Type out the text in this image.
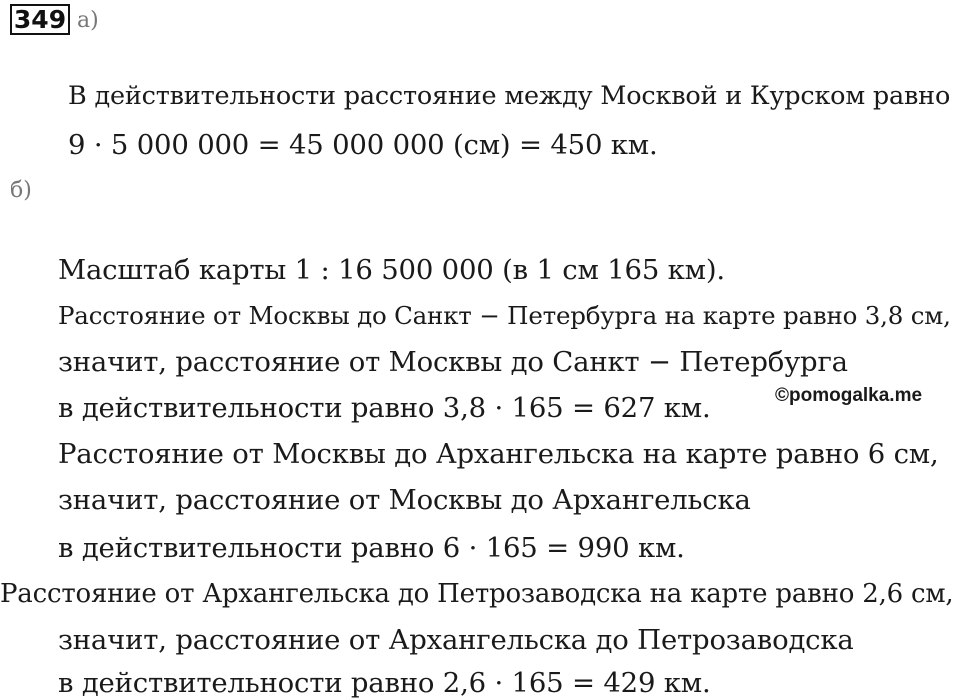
349 а)
В действительности расстояние между Москвой и Курском равно
9 · 5 000 000 = 45 000 000 (см) = 450 км.
б)
Масштаб карты 1 : 16 500 000 (в 1 см 165 км).
Расстояние от Москвы до Санкт − Петербурга на карте равно 3,8 см,
значит, расстояние от Москвы до Санкт − Петербурга
в действительности равно 3,8 · 165 = 627 км.
Расстояние от Москвы до Архангельска на карте равно 6 см,
значит, расстояние от Москвы до Архангельска
в действительности равно 6 · 165 = 990 км.
Расстояние от Архангельска до Петрозаводска на карте равно 2,6 см,
значит, расстояние от Архангельска до Петрозаводска
в действительности равно 2,6 · 165 = 429 км.
©pomogalka.me
